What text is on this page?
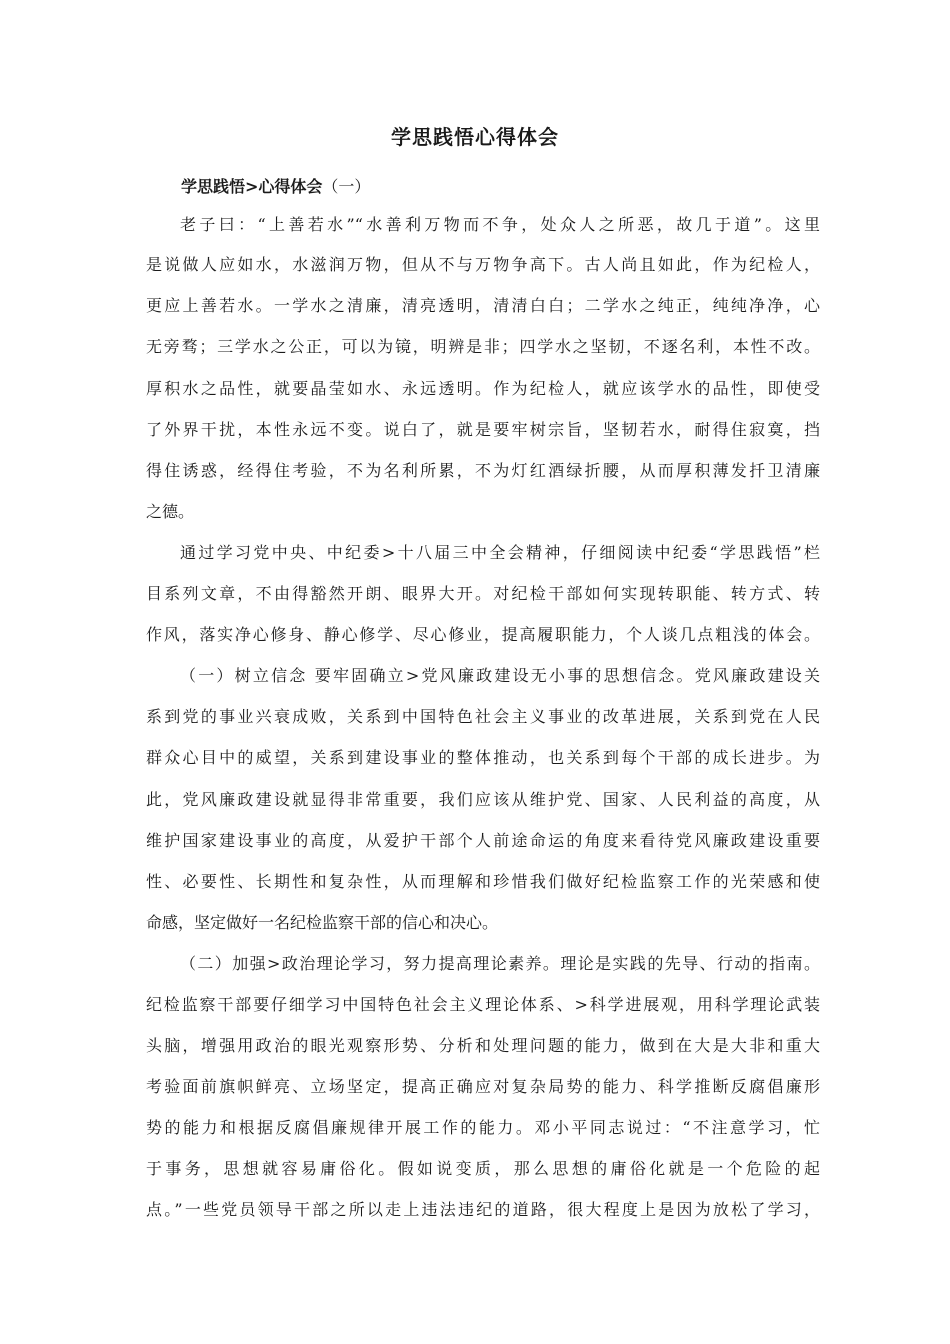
学思践悟心得体会
学思践悟>心得体会（一）
老子曰：“上善若水”“水善利万物而不争，处众人之所恶，故几于道”。这里
是说做人应如水，水滋润万物，但从不与万物争高下。古人尚且如此，作为纪检人，
更应上善若水。一学水之清廉，清亮透明，清清白白；二学水之纯正，纯纯净净，心
无旁骛；三学水之公正，可以为镜，明辨是非；四学水之坚韧，不逐名利，本性不改。
厚积水之品性，就要晶莹如水、永远透明。作为纪检人，就应该学水的品性，即使受
了外界干扰，本性永远不变。说白了，就是要牢树宗旨，坚韧若水，耐得住寂寞，挡
得住诱惑，经得住考验，不为名利所累，不为灯红酒绿折腰，从而厚积薄发扦卫清廉
之德。
通过学习党中央、中纪委>十八届三中全会精神，仔细阅读中纪委“学思践悟”栏
目系列文章，不由得豁然开朗、眼界大开。对纪检干部如何实现转职能、转方式、转
作风，落实净心修身、静心修学、尽心修业，提高履职能力，个人谈几点粗浅的体会。
（一）树立信念 要牢固确立>党风廉政建设无小事的思想信念。党风廉政建设关
系到党的事业兴衰成败，关系到中国特色社会主义事业的改革进展，关系到党在人民
群众心目中的威望，关系到建设事业的整体推动，也关系到每个干部的成长进步。为
此，党风廉政建设就显得非常重要，我们应该从维护党、国家、人民利益的高度，从
维护国家建设事业的高度，从爱护干部个人前途命运的角度来看待党风廉政建设重要
性、必要性、长期性和复杂性，从而理解和珍惜我们做好纪检监察工作的光荣感和使
命感，坚定做好一名纪检监察干部的信心和决心。
（二）加强>政治理论学习，努力提高理论素养。理论是实践的先导、行动的指南。
纪检监察干部要仔细学习中国特色社会主义理论体系、>科学进展观，用科学理论武装
头脑，增强用政治的眼光观察形势、分析和处理问题的能力，做到在大是大非和重大
考验面前旗帜鲜亮、立场坚定，提高正确应对复杂局势的能力、科学推断反腐倡廉形
势的能力和根据反腐倡廉规律开展工作的能力。邓小平同志说过：“不注意学习，忙
于事务，思想就容易庸俗化。假如说变质，那么思想的庸俗化就是一个危险的起
点。”一些党员领导干部之所以走上违法违纪的道路，很大程度上是因为放松了学习，
